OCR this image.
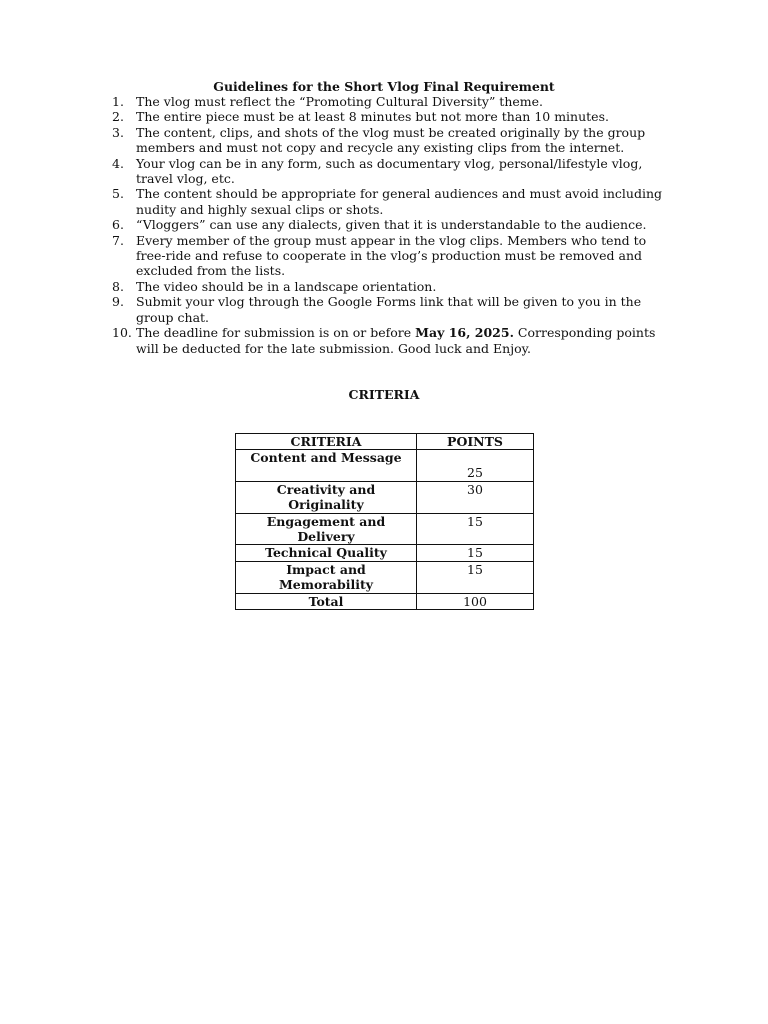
Guidelines for the Short Vlog Final Requirement
1. The vlog must reflect the “Promoting Cultural Diversity” theme.
2. The entire piece must be at least 8 minutes but not more than 10 minutes.
3. The content, clips, and shots of the vlog must be created originally by the group
members and must not copy and recycle any existing clips from the internet.
4. Your vlog can be in any form, such as documentary vlog, personal/lifestyle vlog,
travel vlog, etc.
5. The content should be appropriate for general audiences and must avoid including
nudity and highly sexual clips or shots.
6. “Vloggers” can use any dialects, given that it is understandable to the audience.
7. Every member of the group must appear in the vlog clips. Members who tend to
free-ride and refuse to cooperate in the vlog’s production must be removed and
excluded from the lists.
8. The video should be in a landscape orientation.
9. Submit your vlog through the Google Forms link that will be given to you in the
group chat.
10. The deadline for submission is on or before May 16, 2025. Corresponding points
will be deducted for the late submission. Good luck and Enjoy.
CRITERIA
CRITERIA	POINTS
Content and Message	25
Creativity and Originality	30
Engagement and Delivery	15
Technical Quality	15
Impact and Memorability	15
Total	100
